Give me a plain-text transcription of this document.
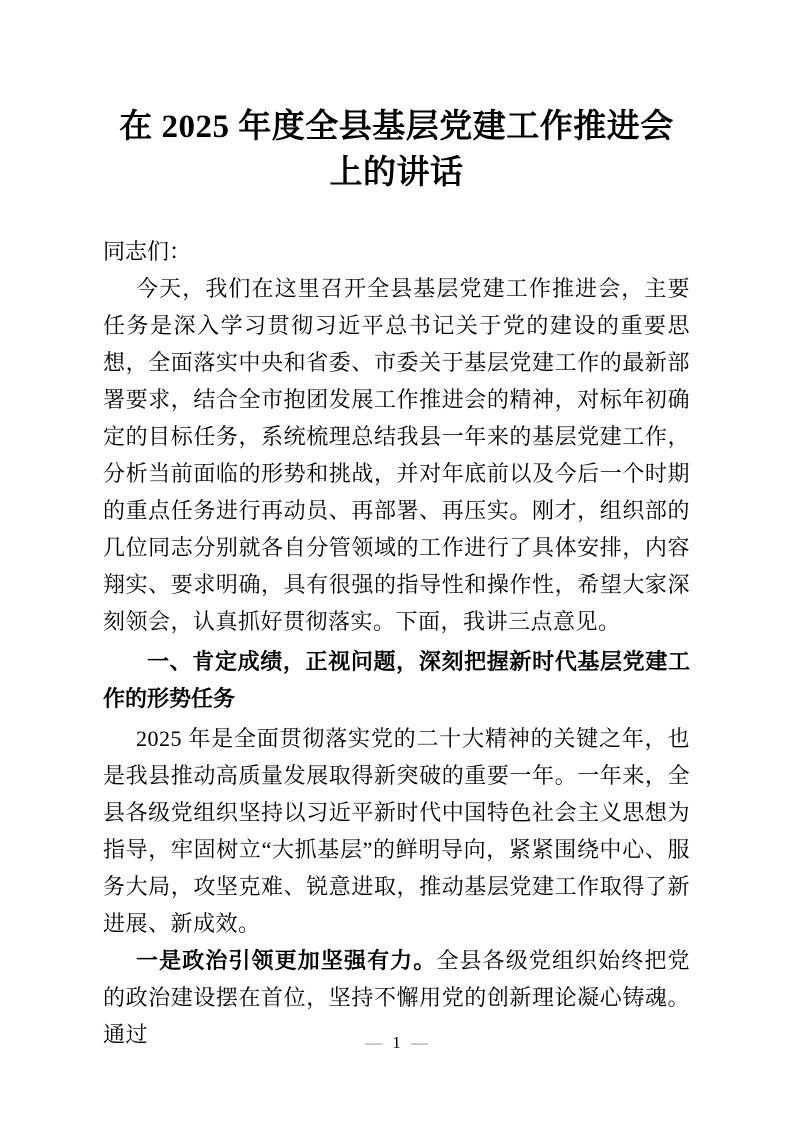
在 2025 年度全县基层党建工作推进会上的讲话

同志们：

今天，我们在这里召开全县基层党建工作推进会，主要任务是深入学习贯彻习近平总书记关于党的建设的重要思想，全面落实中央和省委、市委关于基层党建工作的最新部署要求，结合全市抱团发展工作推进会的精神，对标年初确定的目标任务，系统梳理总结我县一年来的基层党建工作，分析当前面临的形势和挑战，并对年底前以及今后一个时期的重点任务进行再动员、再部署、再压实。刚才，组织部的几位同志分别就各自分管领域的工作进行了具体安排，内容翔实、要求明确，具有很强的指导性和操作性，希望大家深刻领会，认真抓好贯彻落实。下面，我讲三点意见。

一、肯定成绩，正视问题，深刻把握新时代基层党建工作的形势任务

2025 年是全面贯彻落实党的二十大精神的关键之年，也是我县推动高质量发展取得新突破的重要一年。一年来，全县各级党组织坚持以习近平新时代中国特色社会主义思想为指导，牢固树立“大抓基层”的鲜明导向，紧紧围绕中心、服务大局，攻坚克难、锐意进取，推动基层党建工作取得了新进展、新成效。

一是政治引领更加坚强有力。全县各级党组织始终把党的政治建设摆在首位，坚持不懈用党的创新理论凝心铸魂。通过	— 1 —
